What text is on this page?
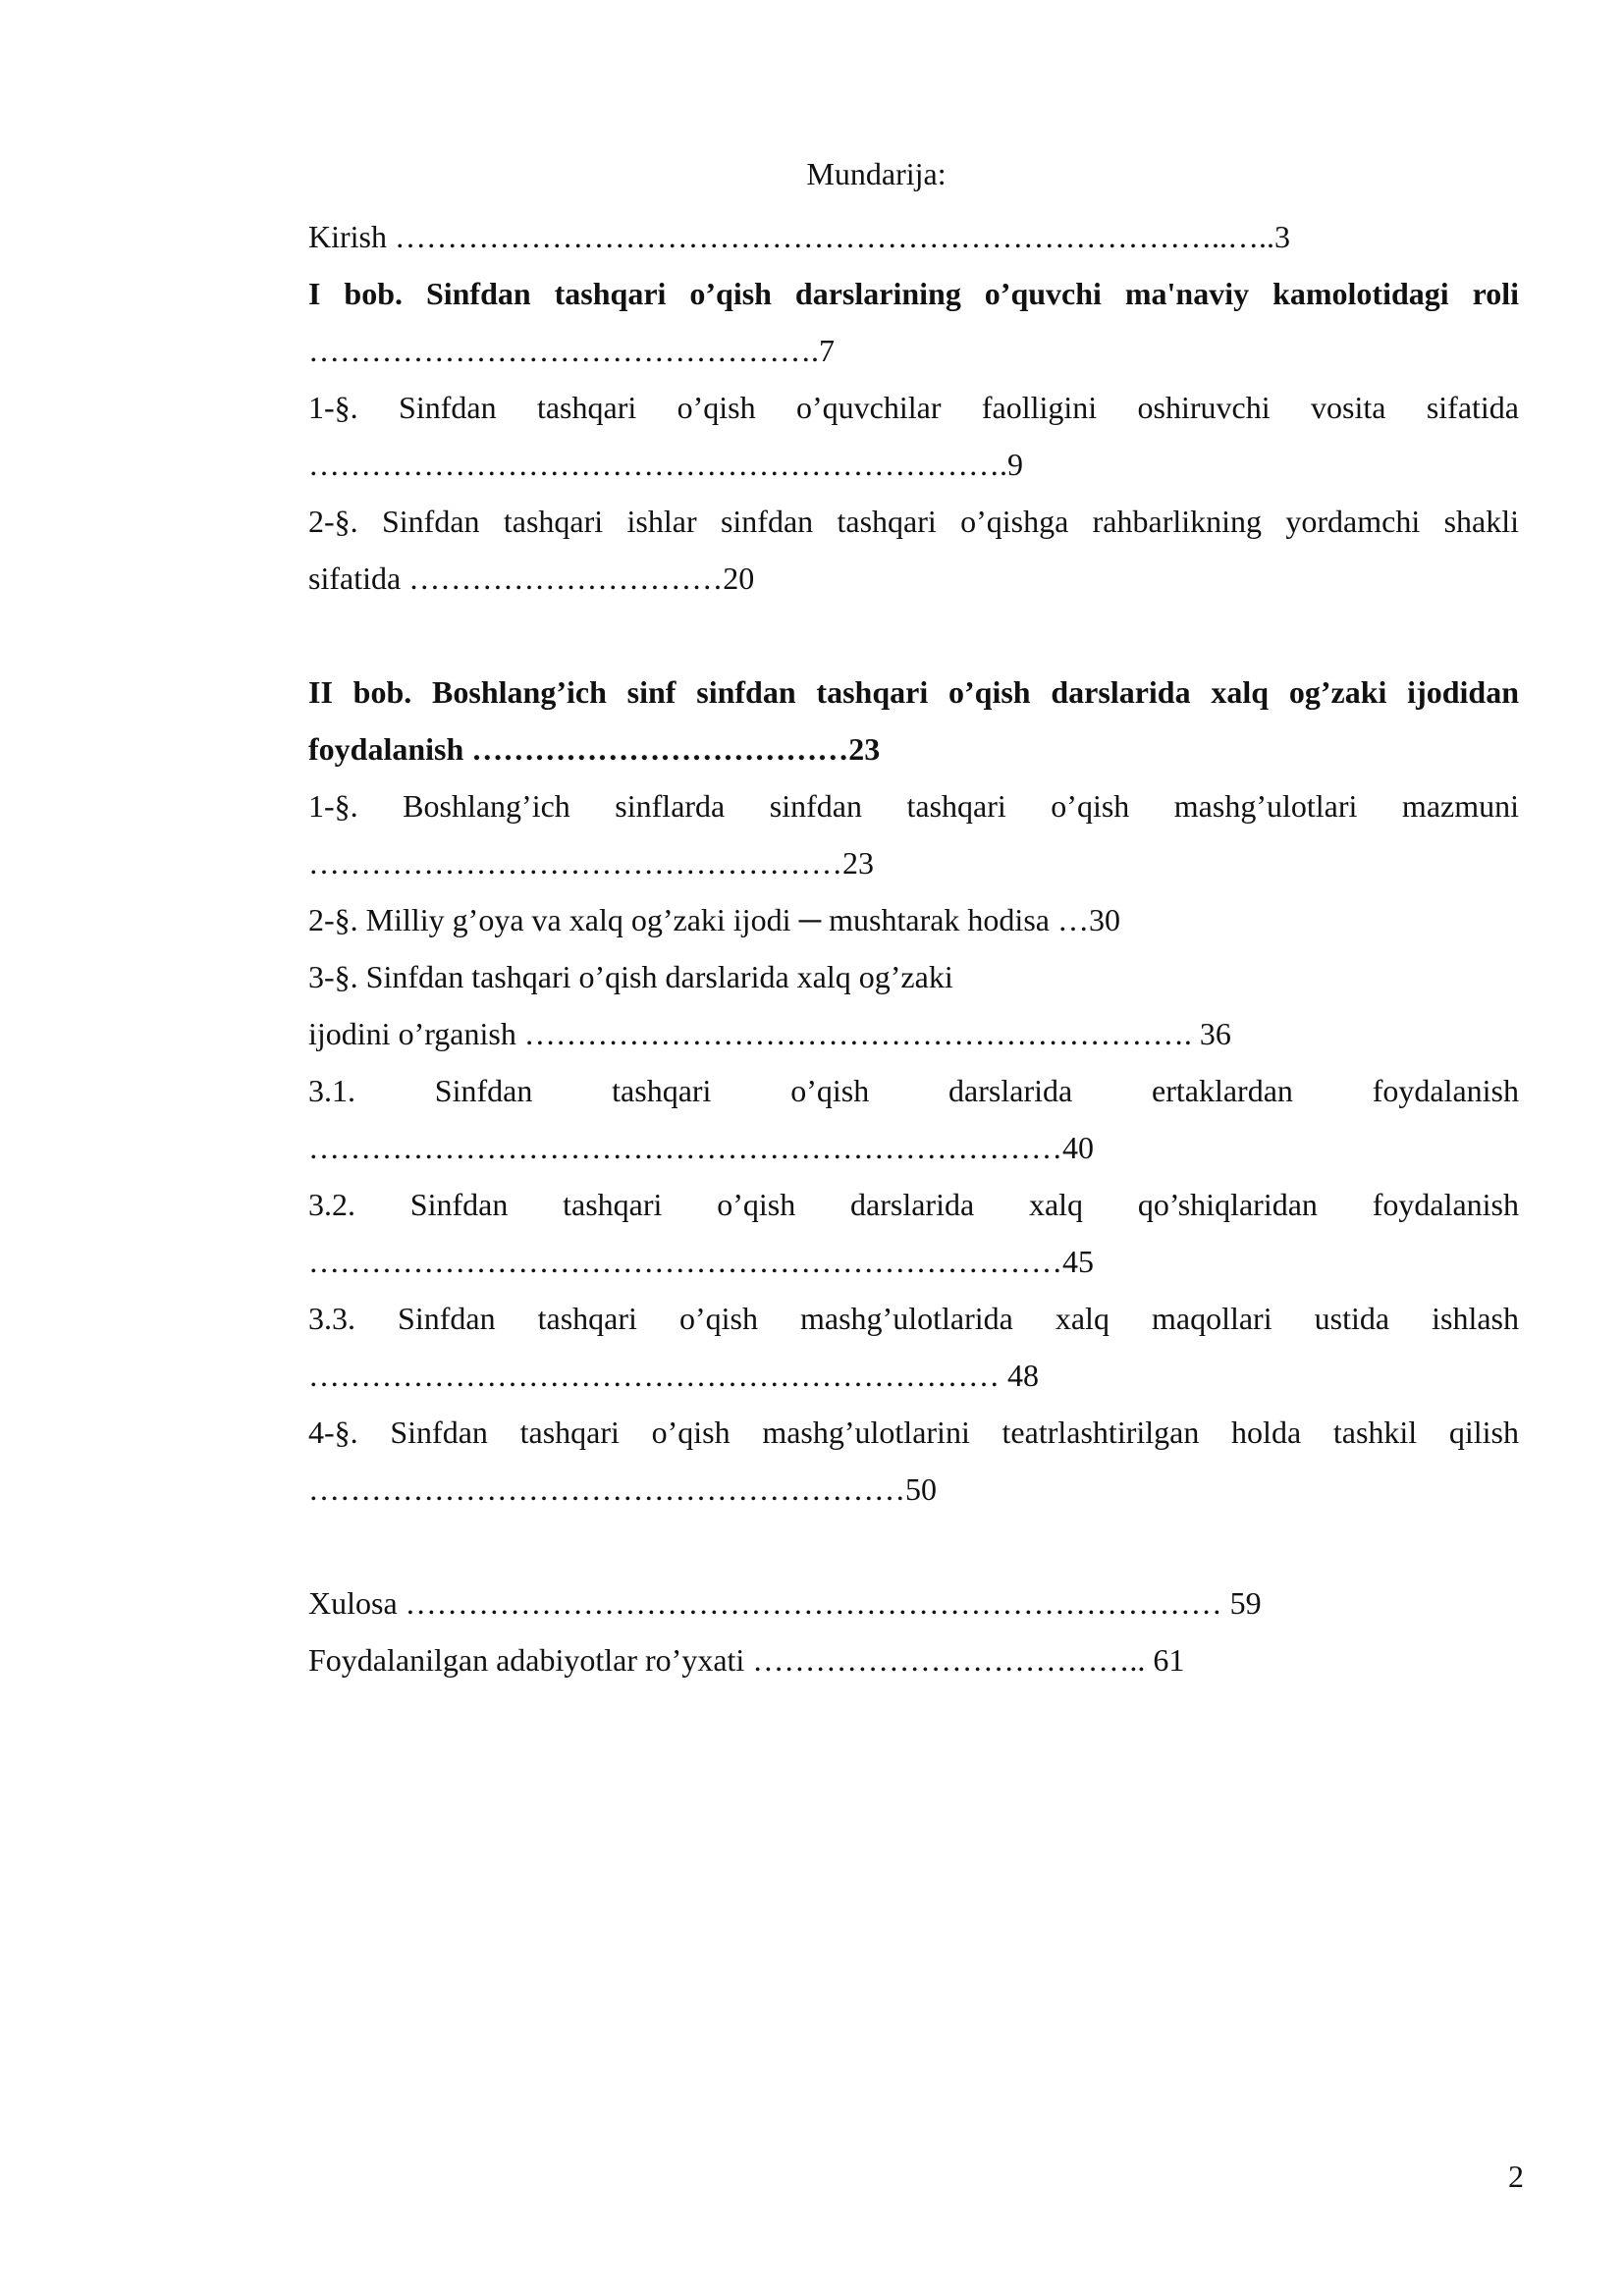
Mundarija:
Kirish ……………………………………………………………………..…..3
I bob. Sinfdan tashqari o’qish darslarining o’quvchi ma'naviy kamolotidagi roli
………………………………………….7
1-§. Sinfdan tashqari o’qish o’quvchilar faolligini oshiruvchi vosita sifatida
………………………………………………………….9
2-§. Sinfdan tashqari ishlar sinfdan tashqari o’qishga rahbarlikning yordamchi shakli
sifatida …………………………20
II bob. Boshlang’ich sinf sinfdan tashqari o’qish darslarida xalq og’zaki ijodidan
foydalanish ………………………………23
1-§. Boshlang’ich sinflarda sinfdan tashqari o’qish mashg’ulotlari mazmuni
……………………………………………23
2-§. Milliy g’oya va xalq og’zaki ijodi ─ mushtarak hodisa …30
3-§. Sinfdan tashqari o’qish darslarida xalq og’zaki
ijodini o’rganish ………………………………………………………. 36
3.1. Sinfdan tashqari o’qish darslarida ertaklardan foydalanish
………………………………………………………………40
3.2. Sinfdan tashqari o’qish darslarida xalq qo’shiqlaridan foydalanish
………………………………………………………………45
3.3. Sinfdan tashqari o’qish mashg’ulotlarida xalq maqollari ustida ishlash
………………………………………………………… 48
4-§. Sinfdan tashqari o’qish mashg’ulotlarini teatrlashtirilgan holda tashkil qilish
…………………………………………………50
Xulosa …………………………………………………………………… 59
Foydalanilgan adabiyotlar ro’yxati ……………………………….. 61
2
